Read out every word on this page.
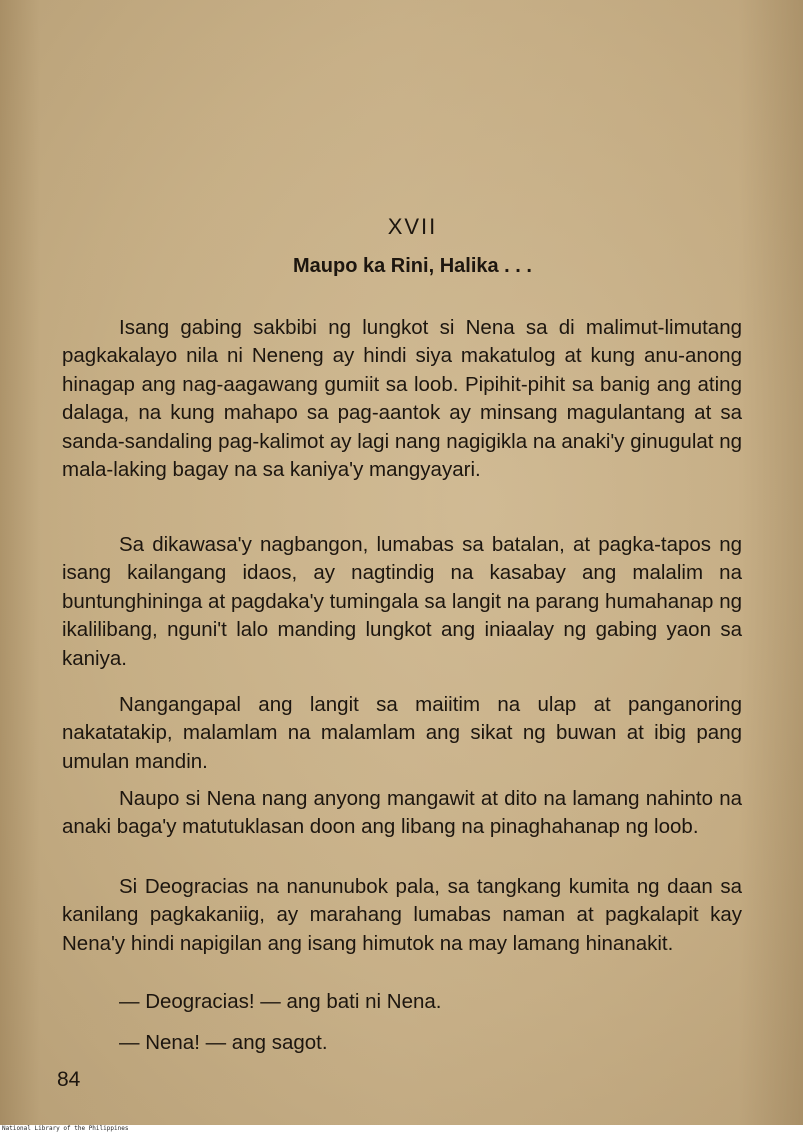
XVII
Maupo ka Rini, Halika . . .

Isang gabing sakbibi ng lungkot si Nena sa di malimut-limutang pagkakalayo nila ni Neneng ay hindi siya makatulog at kung anu-anong hinagap ang nag-aagawang gumiit sa loob. Pipihit-pihit sa banig ang ating dalaga, na kung mahapo sa pag-aantok ay minsang magulantang at sa sanda-sandaling pag-kalimot ay lagi nang nagigikla na anaki'y ginugulat ng mala-laking bagay na sa kaniya'y mangyayari.

Sa dikawasa'y nagbangon, lumabas sa batalan, at pagka-tapos ng isang kailangang idaos, ay nagtindig na kasabay ang malalim na buntunghininga at pagdaka'y tumingala sa langit na parang humahanap ng ikalilibang, nguni't lalo manding lungkot ang iniaalay ng gabing yaon sa kaniya.

Nangangapal ang langit sa maiitim na ulap at panganoring nakatatakip, malamlam na malamlam ang sikat ng buwan at ibig pang umulan mandin.

Naupo si Nena nang anyong mangawit at dito na lamang nahinto na anaki baga'y matutuklasan doon ang libang na pinaghahanap ng loob.

Si Deogracias na nanunubok pala, sa tangkang kumita ng daan sa kanilang pagkakaniig, ay marahang lumabas naman at pagkalapit kay Nena'y hindi napigilan ang isang himutok na may lamang hinanakit.

— Deogracias! — ang bati ni Nena.

— Nena! — ang sagot.

84
National Library of the Philippines
